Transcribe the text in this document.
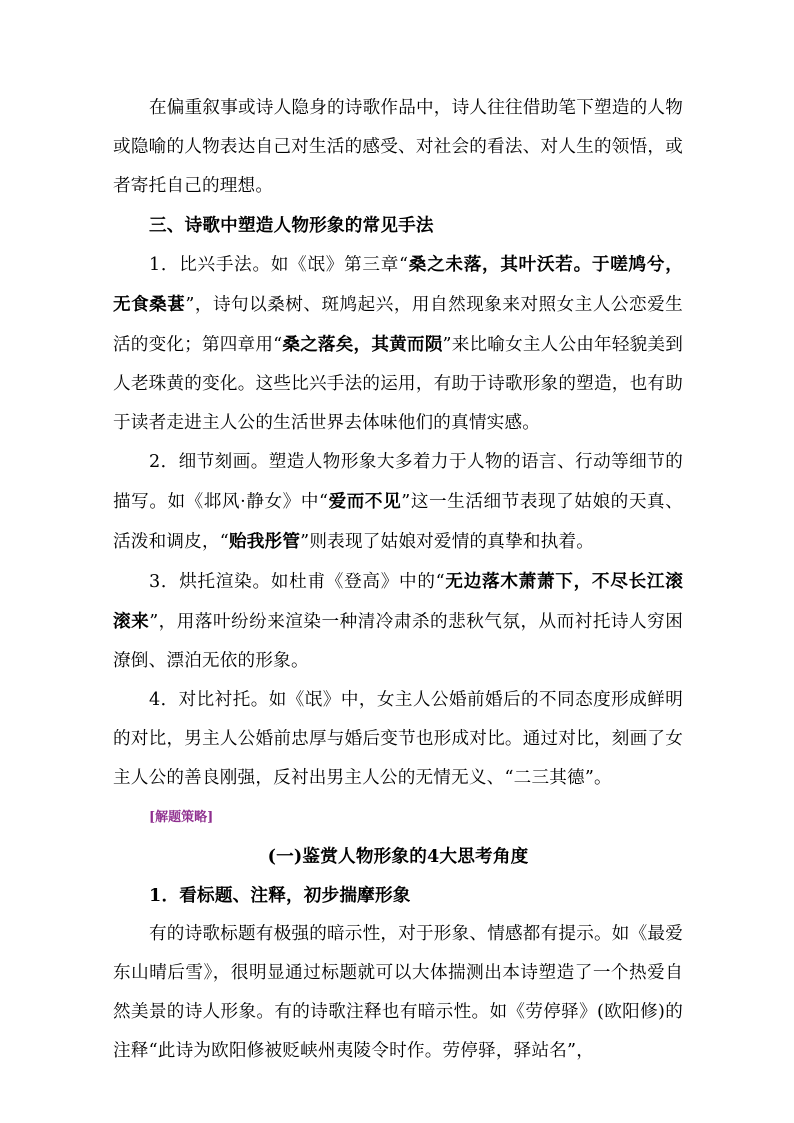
在偏重叙事或诗人隐身的诗歌作品中，诗人往往借助笔下塑造的人物或隐喻的人物表达自己对生活的感受、对社会的看法、对人生的领悟，或者寄托自己的理想。

三、诗歌中塑造人物形象的常见手法

1．比兴手法。如《氓》第三章“桑之未落，其叶沃若。于嗟鸠兮，无食桑葚”，诗句以桑树、斑鸠起兴，用自然现象来对照女主人公恋爱生活的变化；第四章用“桑之落矣，其黄而陨”来比喻女主人公由年轻貌美到人老珠黄的变化。这些比兴手法的运用，有助于诗歌形象的塑造，也有助于读者走进主人公的生活世界去体味他们的真情实感。

2．细节刻画。塑造人物形象大多着力于人物的语言、行动等细节的描写。如《邶风·静女》中“爱而不见”这一生活细节表现了姑娘的天真、活泼和调皮，“贻我彤管”则表现了姑娘对爱情的真挚和执着。

3．烘托渲染。如杜甫《登高》中的“无边落木萧萧下，不尽长江滚滚来”，用落叶纷纷来渲染一种清冷肃杀的悲秋气氛，从而衬托诗人穷困潦倒、漂泊无依的形象。

4．对比衬托。如《氓》中，女主人公婚前婚后的不同态度形成鲜明的对比，男主人公婚前忠厚与婚后变节也形成对比。通过对比，刻画了女主人公的善良刚强，反衬出男主人公的无情无义、“二三其德”。

[解题策略]

(一)鉴赏人物形象的4大思考角度

1．看标题、注释，初步揣摩形象

有的诗歌标题有极强的暗示性，对于形象、情感都有提示。如《最爱东山晴后雪》，很明显通过标题就可以大体揣测出本诗塑造了一个热爱自然美景的诗人形象。有的诗歌注释也有暗示性。如《劳停驿》(欧阳修)的注释“此诗为欧阳修被贬峡州夷陵令时作。劳停驿，驿站名”，
